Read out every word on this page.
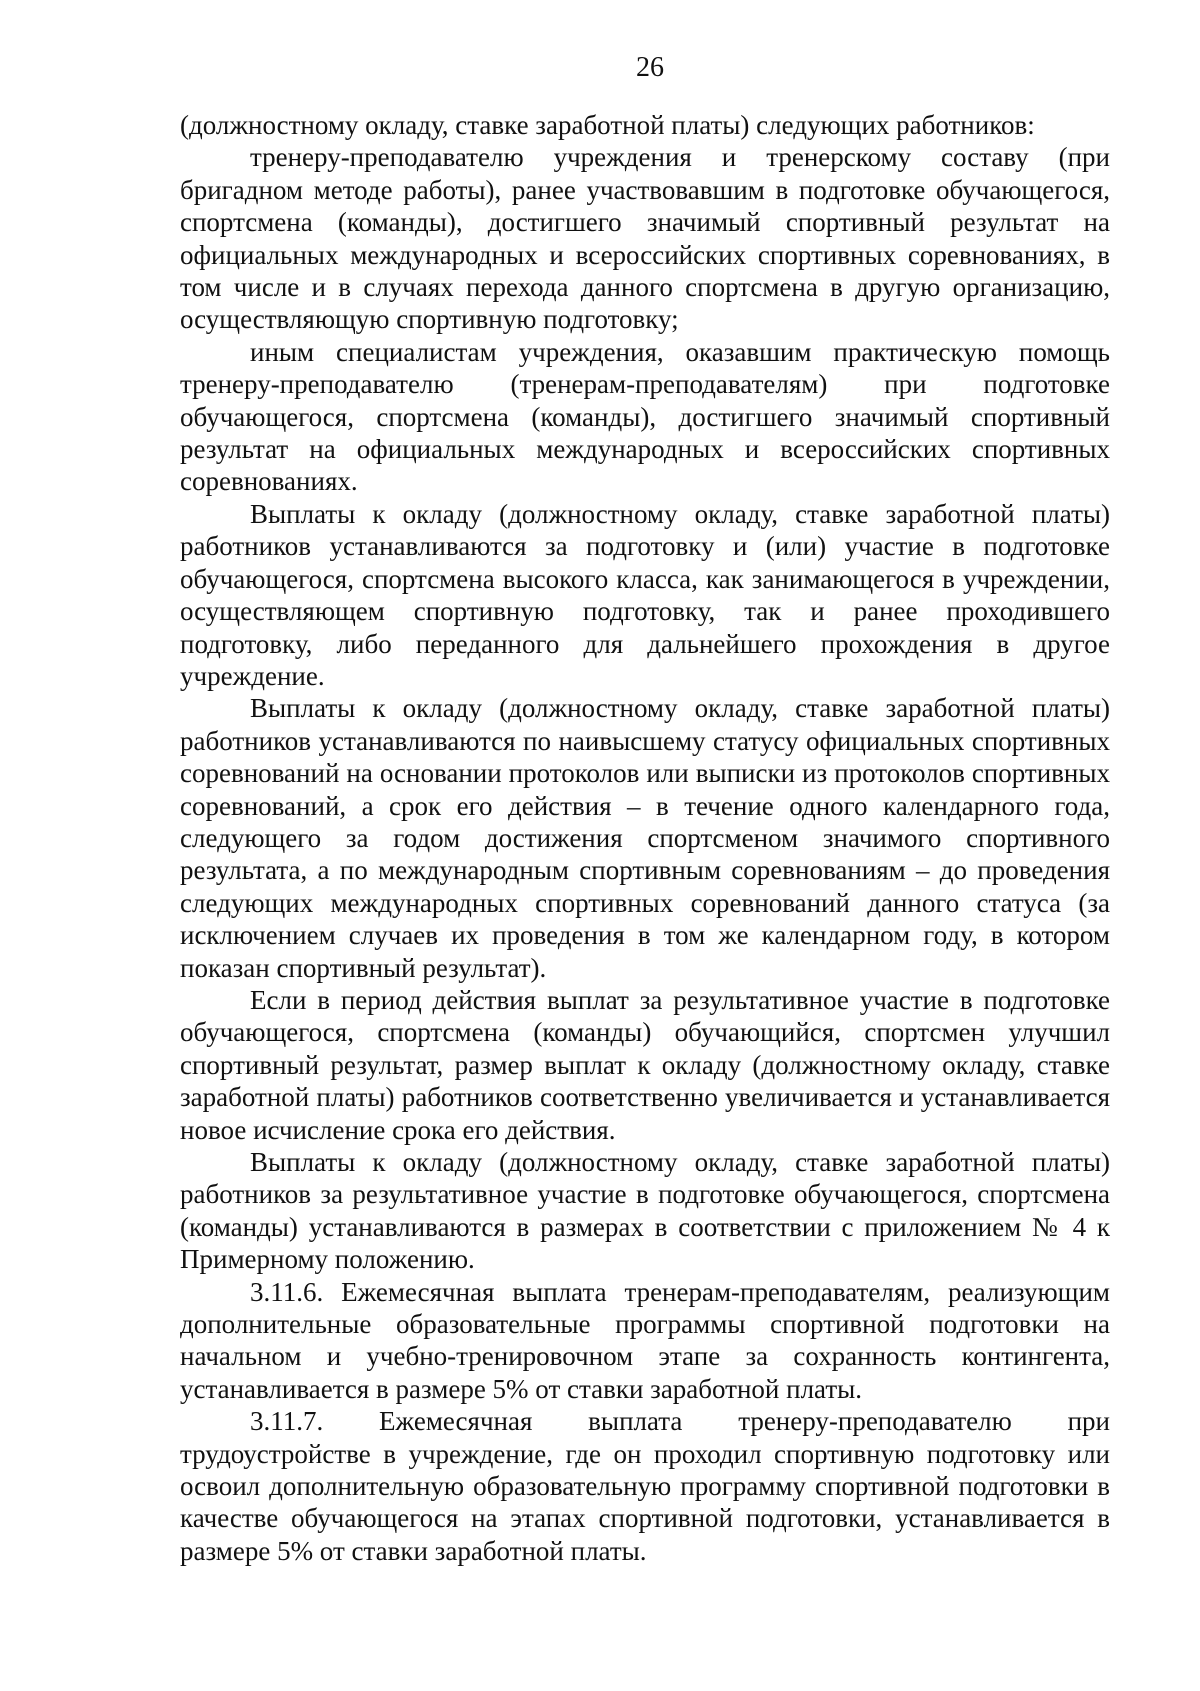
26

(должностному окладу, ставке заработной платы) следующих работников:

тренеру-преподавателю учреждения и тренерскому составу (при бригадном методе работы), ранее участвовавшим в подготовке обучающегося, спортсмена (команды), достигшего значимый спортивный результат на официальных международных и всероссийских спортивных соревнованиях, в том числе и в случаях перехода данного спортсмена в другую организацию, осуществляющую спортивную подготовку;

иным специалистам учреждения, оказавшим практическую помощь тренеру-преподавателю (тренерам-преподавателям) при подготовке обучающегося, спортсмена (команды), достигшего значимый спортивный результат на официальных международных и всероссийских спортивных соревнованиях.

Выплаты к окладу (должностному окладу, ставке заработной платы) работников устанавливаются за подготовку и (или) участие в подготовке обучающегося, спортсмена высокого класса, как занимающегося в учреждении, осуществляющем спортивную подготовку, так и ранее проходившего подготовку, либо переданного для дальнейшего прохождения в другое учреждение.

Выплаты к окладу (должностному окладу, ставке заработной платы) работников устанавливаются по наивысшему статусу официальных спортивных соревнований на основании протоколов или выписки из протоколов спортивных соревнований, а срок его действия – в течение одного календарного года, следующего за годом достижения спортсменом значимого спортивного результата, а по международным спортивным соревнованиям – до проведения следующих международных спортивных соревнований данного статуса (за исключением случаев их проведения в том же календарном году, в котором показан спортивный результат).

Если в период действия выплат за результативное участие в подготовке обучающегося, спортсмена (команды) обучающийся, спортсмен улучшил спортивный результат, размер выплат к окладу (должностному окладу, ставке заработной платы) работников соответственно увеличивается и устанавливается новое исчисление срока его действия.

Выплаты к окладу (должностному окладу, ставке заработной платы) работников за результативное участие в подготовке обучающегося, спортсмена (команды) устанавливаются в размерах в соответствии с приложением № 4 к Примерному положению.

3.11.6. Ежемесячная выплата тренерам-преподавателям, реализующим дополнительные образовательные программы спортивной подготовки на начальном и учебно-тренировочном этапе за сохранность контингента, устанавливается в размере 5% от ставки заработной платы.

3.11.7. Ежемесячная выплата тренеру-преподавателю при трудоустройстве в учреждение, где он проходил спортивную подготовку или освоил дополнительную образовательную программу спортивной подготовки в качестве обучающегося на этапах спортивной подготовки, устанавливается в размере 5% от ставки заработной платы.
